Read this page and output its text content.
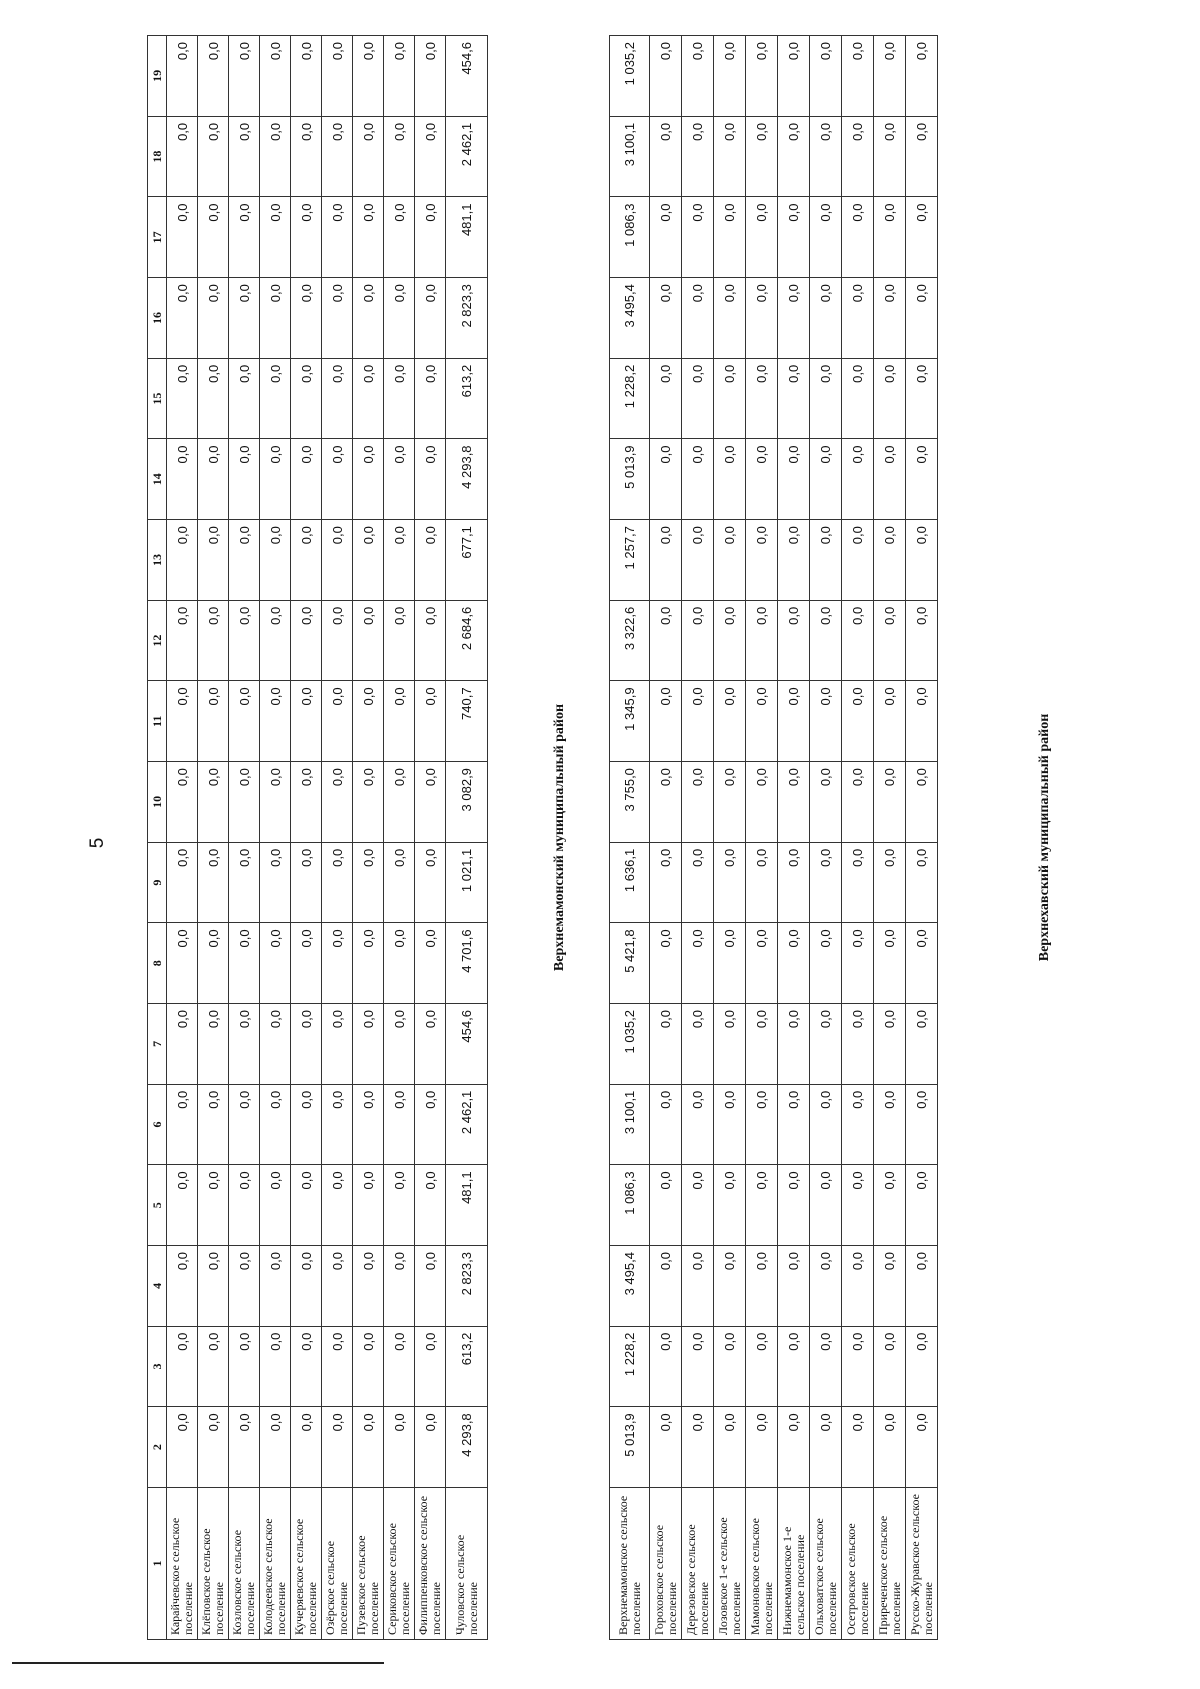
5
1	2	3	4	5	6	7	8	9	10	11	12	13	14	15	16	17	18	19
Карайчевское сельское поселение	0,0	0,0	0,0	0,0	0,0	0,0	0,0	0,0	0,0	0,0	0,0	0,0	0,0	0,0	0,0	0,0	0,0	0,0
Клёповское сельское поселение	0,0	0,0	0,0	0,0	0,0	0,0	0,0	0,0	0,0	0,0	0,0	0,0	0,0	0,0	0,0	0,0	0,0	0,0
Козловское сельское поселение	0,0	0,0	0,0	0,0	0,0	0,0	0,0	0,0	0,0	0,0	0,0	0,0	0,0	0,0	0,0	0,0	0,0	0,0
Колодеевское сельское поселение	0,0	0,0	0,0	0,0	0,0	0,0	0,0	0,0	0,0	0,0	0,0	0,0	0,0	0,0	0,0	0,0	0,0	0,0
Кучеряевское сельское поселение	0,0	0,0	0,0	0,0	0,0	0,0	0,0	0,0	0,0	0,0	0,0	0,0	0,0	0,0	0,0	0,0	0,0	0,0
Озёрское сельское поселение	0,0	0,0	0,0	0,0	0,0	0,0	0,0	0,0	0,0	0,0	0,0	0,0	0,0	0,0	0,0	0,0	0,0	0,0
Пузевское сельское поселение	0,0	0,0	0,0	0,0	0,0	0,0	0,0	0,0	0,0	0,0	0,0	0,0	0,0	0,0	0,0	0,0	0,0	0,0
Сериковское сельское поселение	0,0	0,0	0,0	0,0	0,0	0,0	0,0	0,0	0,0	0,0	0,0	0,0	0,0	0,0	0,0	0,0	0,0	0,0
Филиппенковское сельское поселение	0,0	0,0	0,0	0,0	0,0	0,0	0,0	0,0	0,0	0,0	0,0	0,0	0,0	0,0	0,0	0,0	0,0	0,0
Чуловское сельское поселение	4 293,8	613,2	2 823,3	481,1	2 462,1	454,6	4 701,6	1 021,1	3 082,9	740,7	2 684,6	677,1	4 293,8	613,2	2 823,3	481,1	2 462,1	454,6
Верхнемамонский муниципальный район
Верхнемамонское сельское поселение	5 013,9	1 228,2	3 495,4	1 086,3	3 100,1	1 035,2	5 421,8	1 636,1	3 755,0	1 345,9	3 322,6	1 257,7	5 013,9	1 228,2	3 495,4	1 086,3	3 100,1	1 035,2
Гороховское сельское поселение	0,0	0,0	0,0	0,0	0,0	0,0	0,0	0,0	0,0	0,0	0,0	0,0	0,0	0,0	0,0	0,0	0,0	0,0
Дерезовское сельское поселение	0,0	0,0	0,0	0,0	0,0	0,0	0,0	0,0	0,0	0,0	0,0	0,0	0,0	0,0	0,0	0,0	0,0	0,0
Лозовское 1-е сельское поселение	0,0	0,0	0,0	0,0	0,0	0,0	0,0	0,0	0,0	0,0	0,0	0,0	0,0	0,0	0,0	0,0	0,0	0,0
Мамоновское сельское поселение	0,0	0,0	0,0	0,0	0,0	0,0	0,0	0,0	0,0	0,0	0,0	0,0	0,0	0,0	0,0	0,0	0,0	0,0
Нижнемамонское 1-е сельское поселение	0,0	0,0	0,0	0,0	0,0	0,0	0,0	0,0	0,0	0,0	0,0	0,0	0,0	0,0	0,0	0,0	0,0	0,0
Ольховатское сельское поселение	0,0	0,0	0,0	0,0	0,0	0,0	0,0	0,0	0,0	0,0	0,0	0,0	0,0	0,0	0,0	0,0	0,0	0,0
Осетровское сельское поселение	0,0	0,0	0,0	0,0	0,0	0,0	0,0	0,0	0,0	0,0	0,0	0,0	0,0	0,0	0,0	0,0	0,0	0,0
Приреченское сельское поселение	0,0	0,0	0,0	0,0	0,0	0,0	0,0	0,0	0,0	0,0	0,0	0,0	0,0	0,0	0,0	0,0	0,0	0,0
Русско-Журавское сельское поселение	0,0	0,0	0,0	0,0	0,0	0,0	0,0	0,0	0,0	0,0	0,0	0,0	0,0	0,0	0,0	0,0	0,0	0,0
Верхнехавский муниципальный район
